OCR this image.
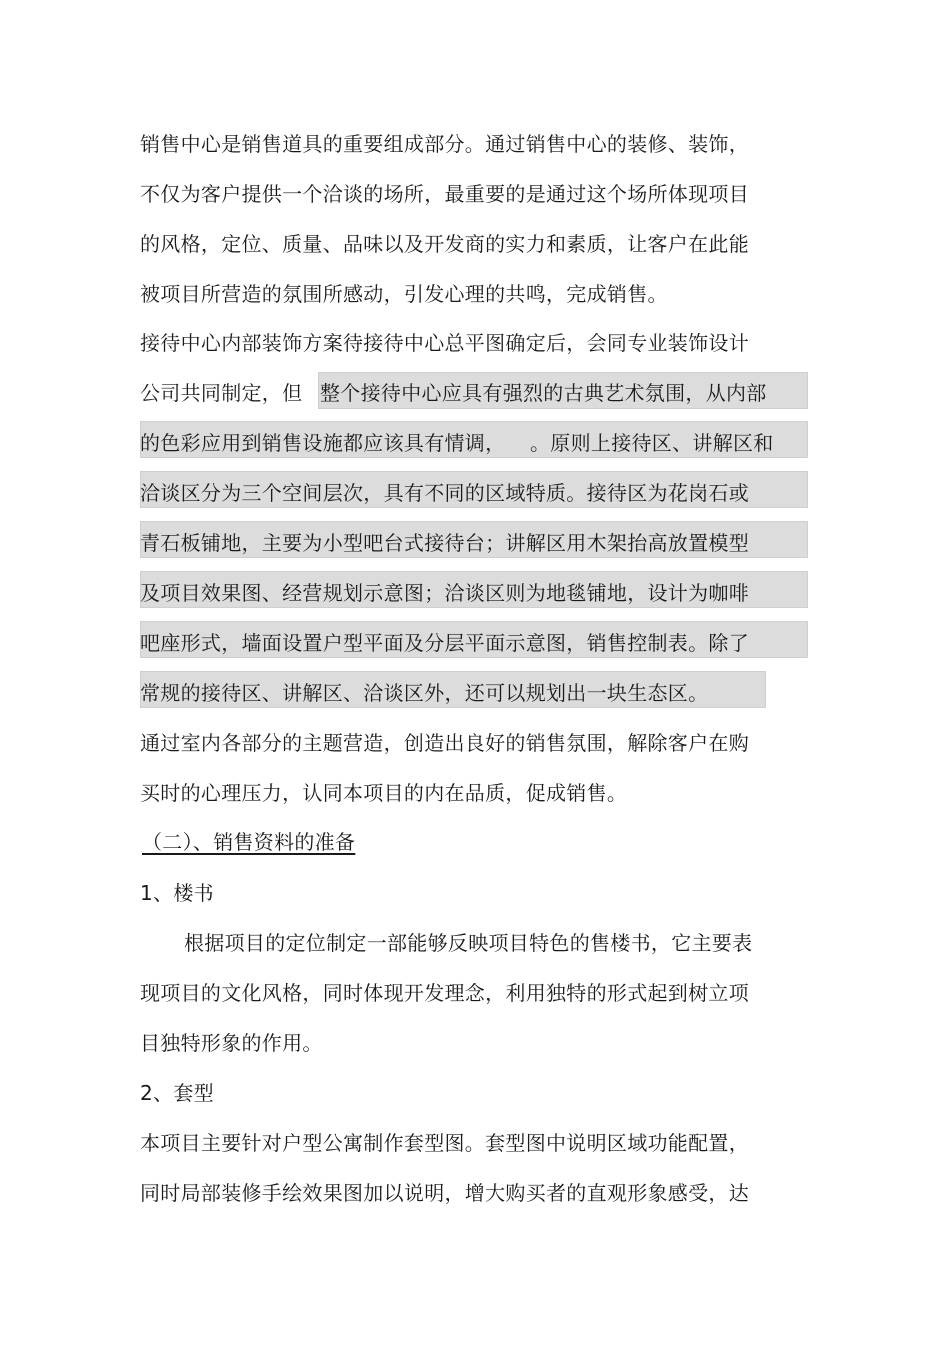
销售中心是销售道具的重要组成部分。通过销售中心的装修、装饰，
不仅为客户提供一个洽谈的场所，最重要的是通过这个场所体现项目
的风格，定位、质量、品味以及开发商的实力和素质，让客户在此能
被项目所营造的氛围所感动，引发心理的共鸣，完成销售。
接待中心内部装饰方案待接待中心总平图确定后，会同专业装饰设计
公司共同制定，但 整个接待中心应具有强烈的古典艺术氛围，从内部
的色彩应用到销售设施都应该具有情调， 。原则上接待区、讲解区和
洽谈区分为三个空间层次，具有不同的区域特质。接待区为花岗石或
青石板铺地，主要为小型吧台式接待台；讲解区用木架抬高放置模型
及项目效果图、经营规划示意图；洽谈区则为地毯铺地，设计为咖啡
吧座形式，墙面设置户型平面及分层平面示意图，销售控制表。除了
常规的接待区、讲解区、洽谈区外，还可以规划出一块生态区。
通过室内各部分的主题营造，创造出良好的销售氛围，解除客户在购
买时的心理压力，认同本项目的内在品质，促成销售。
（二）、销售资料的准备
1、楼书
根据项目的定位制定一部能够反映项目特色的售楼书，它主要表
现项目的文化风格，同时体现开发理念，利用独特的形式起到树立项
目独特形象的作用。
2、套型
本项目主要针对户型公寓制作套型图。套型图中说明区域功能配置，
同时局部装修手绘效果图加以说明，增大购买者的直观形象感受，达
